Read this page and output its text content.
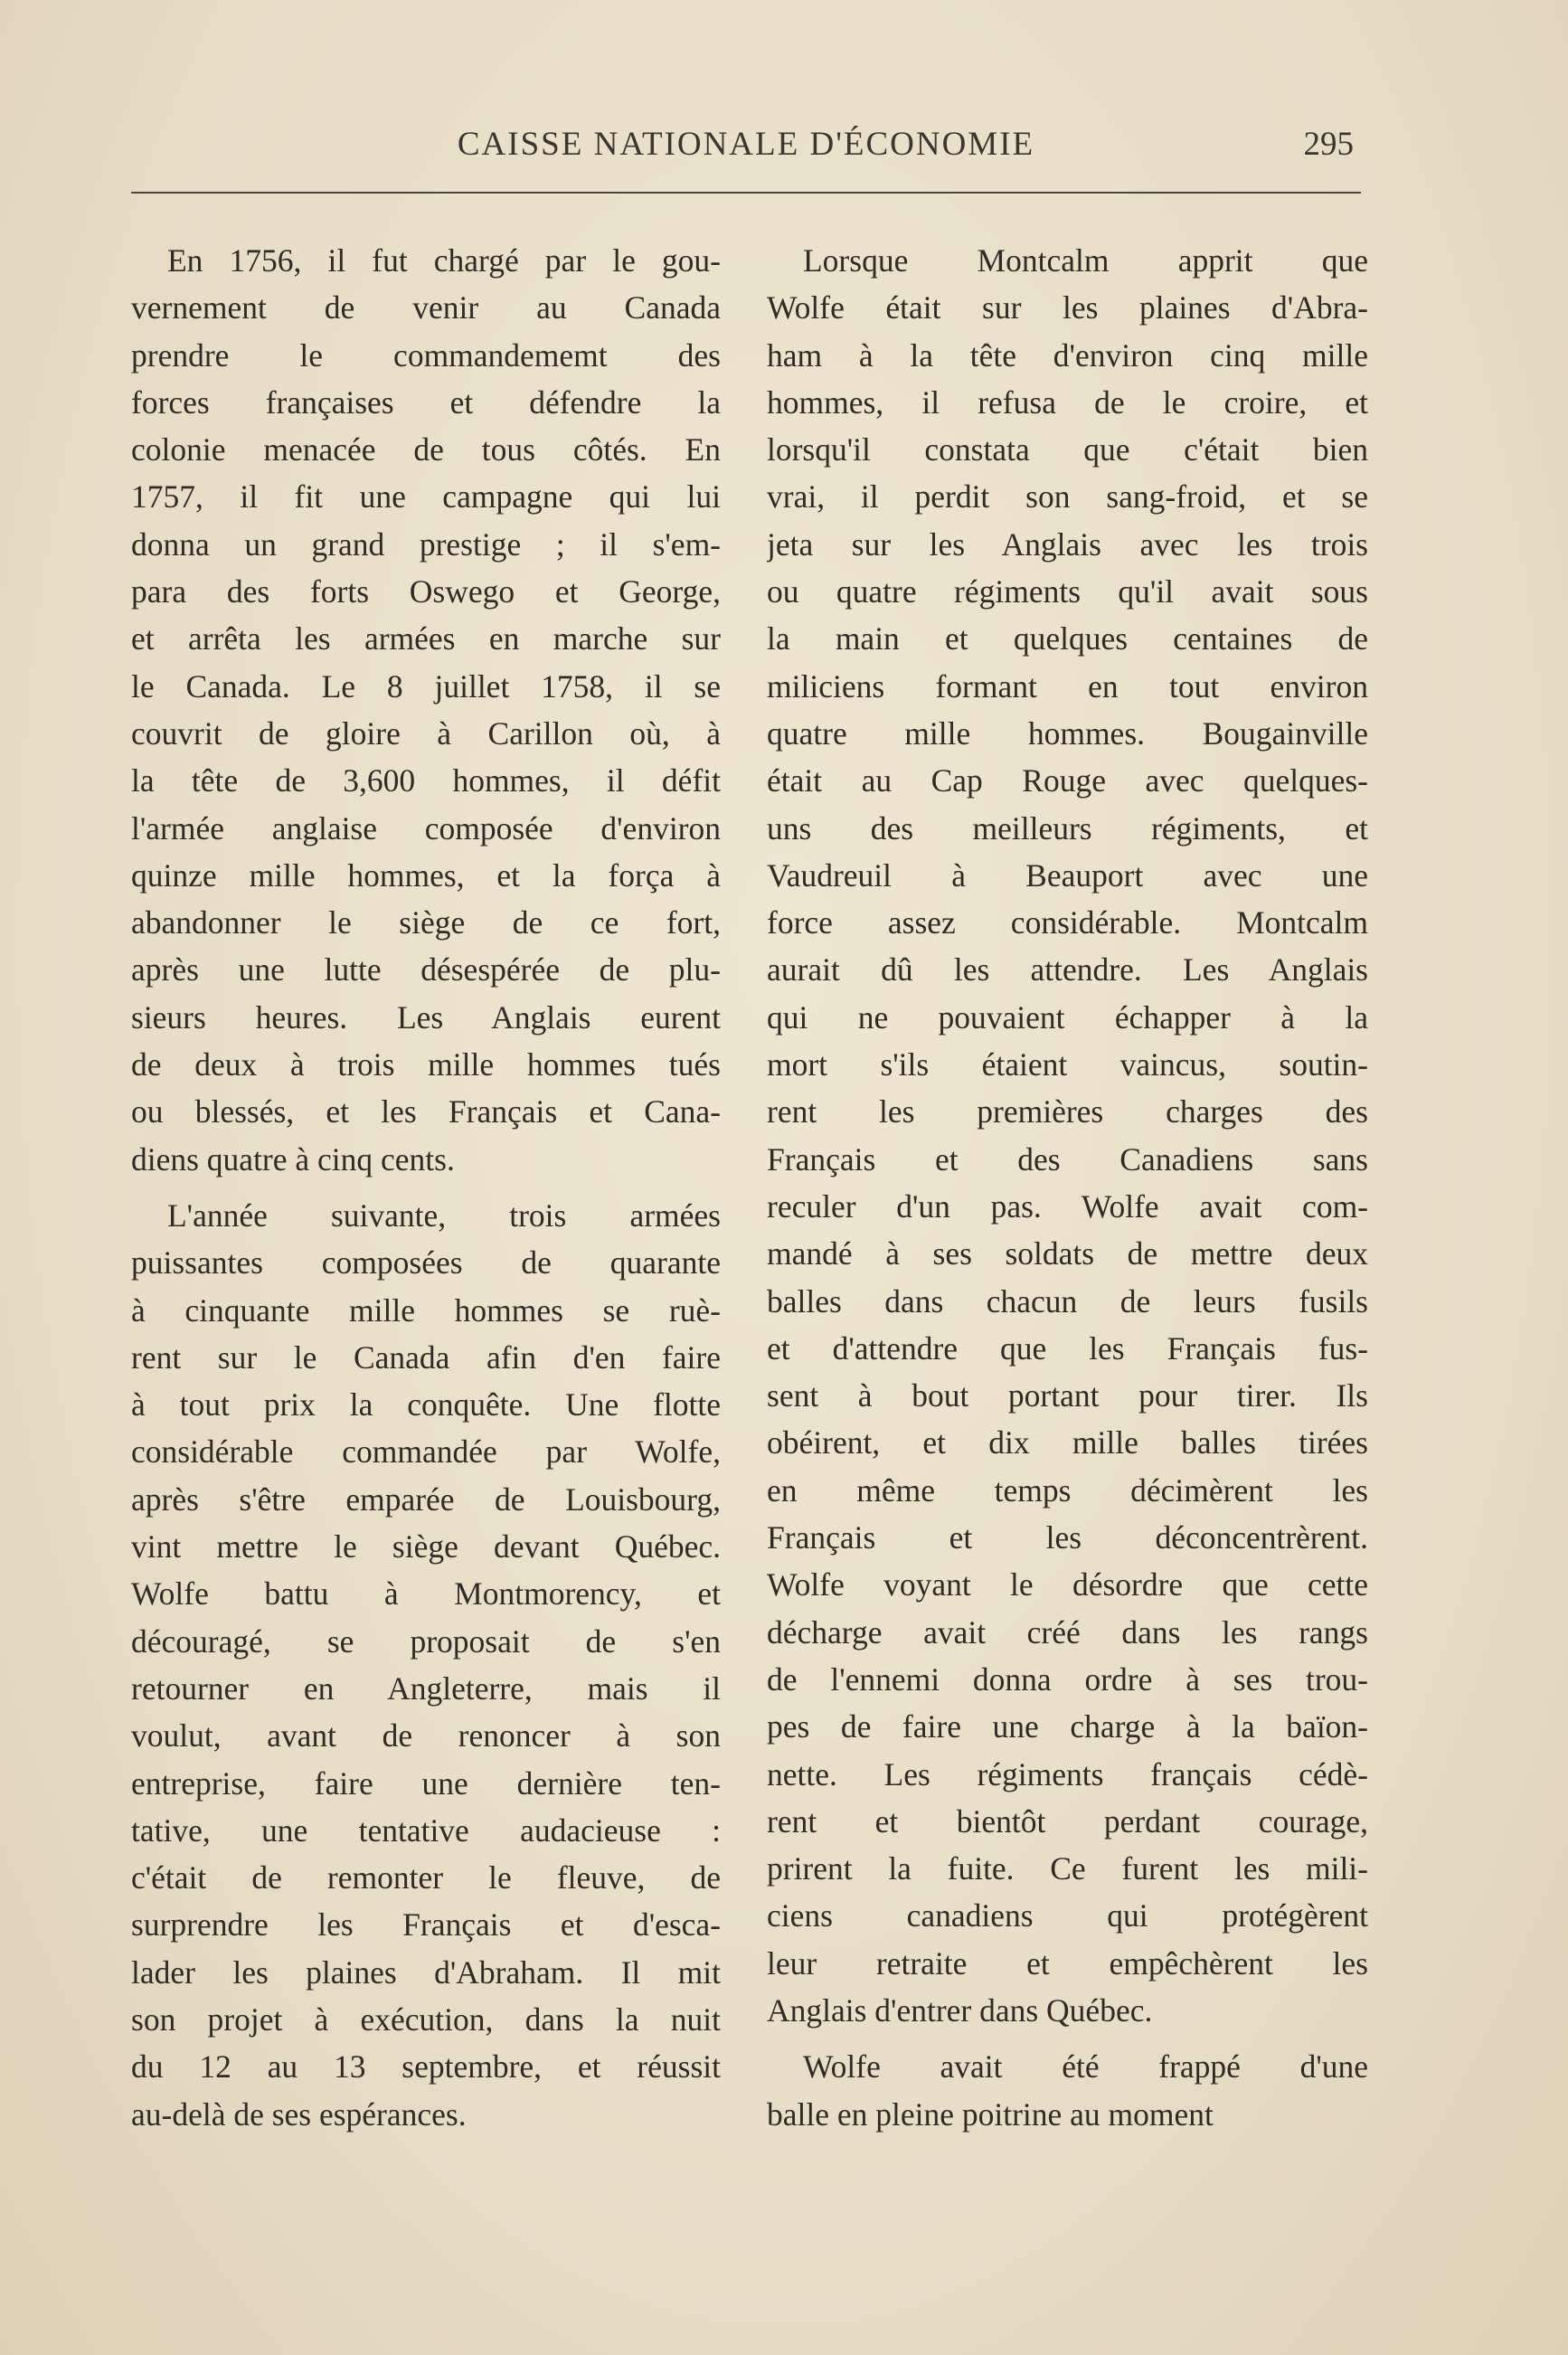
CAISSE NATIONALE D'ÉCONOMIE	295
En 1756, il fut chargé par le gou-
vernement de venir au Canada
prendre le commandememt des
forces françaises et défendre la
colonie menacée de tous côtés. En
1757, il fit une campagne qui lui
donna un grand prestige ; il s'em-
para des forts Oswego et George,
et arrêta les armées en marche sur
le Canada. Le 8 juillet 1758, il se
couvrit de gloire à Carillon où, à
la tête de 3,600 hommes, il défit
l'armée anglaise composée d'environ
quinze mille hommes, et la força à
abandonner le siège de ce fort,
après une lutte désespérée de plu-
sieurs heures. Les Anglais eurent
de deux à trois mille hommes tués
ou blessés, et les Français et Cana-
diens quatre à cinq cents.
L'année suivante, trois armées
puissantes composées de quarante
à cinquante mille hommes se ruè-
rent sur le Canada afin d'en faire
à tout prix la conquête. Une flotte
considérable commandée par Wolfe,
après s'être emparée de Louisbourg,
vint mettre le siège devant Québec.
Wolfe battu à Montmorency, et
découragé, se proposait de s'en
retourner en Angleterre, mais il
voulut, avant de renoncer à son
entreprise, faire une dernière ten-
tative, une tentative audacieuse :
c'était de remonter le fleuve, de
surprendre les Français et d'esca-
lader les plaines d'Abraham. Il mit
son projet à exécution, dans la nuit
du 12 au 13 septembre, et réussit
au-delà de ses espérances.
Lorsque Montcalm apprit que
Wolfe était sur les plaines d'Abra-
ham à la tête d'environ cinq mille
hommes, il refusa de le croire, et
lorsqu'il constata que c'était bien
vrai, il perdit son sang-froid, et se
jeta sur les Anglais avec les trois
ou quatre régiments qu'il avait sous
la main et quelques centaines de
miliciens formant en tout environ
quatre mille hommes. Bougainville
était au Cap Rouge avec quelques-
uns des meilleurs régiments, et
Vaudreuil à Beauport avec une
force assez considérable. Montcalm
aurait dû les attendre. Les Anglais
qui ne pouvaient échapper à la
mort s'ils étaient vaincus, soutin-
rent les premières charges des
Français et des Canadiens sans
reculer d'un pas. Wolfe avait com-
mandé à ses soldats de mettre deux
balles dans chacun de leurs fusils
et d'attendre que les Français fus-
sent à bout portant pour tirer. Ils
obéirent, et dix mille balles tirées
en même temps décimèrent les
Français et les déconcentrèrent.
Wolfe voyant le désordre que cette
décharge avait créé dans les rangs
de l'ennemi donna ordre à ses trou-
pes de faire une charge à la baïon-
nette. Les régiments français cédè-
rent et bientôt perdant courage,
prirent la fuite. Ce furent les mili-
ciens canadiens qui protégèrent
leur retraite et empêchèrent les
Anglais d'entrer dans Québec.
Wolfe avait été frappé d'une
balle en pleine poitrine au moment
